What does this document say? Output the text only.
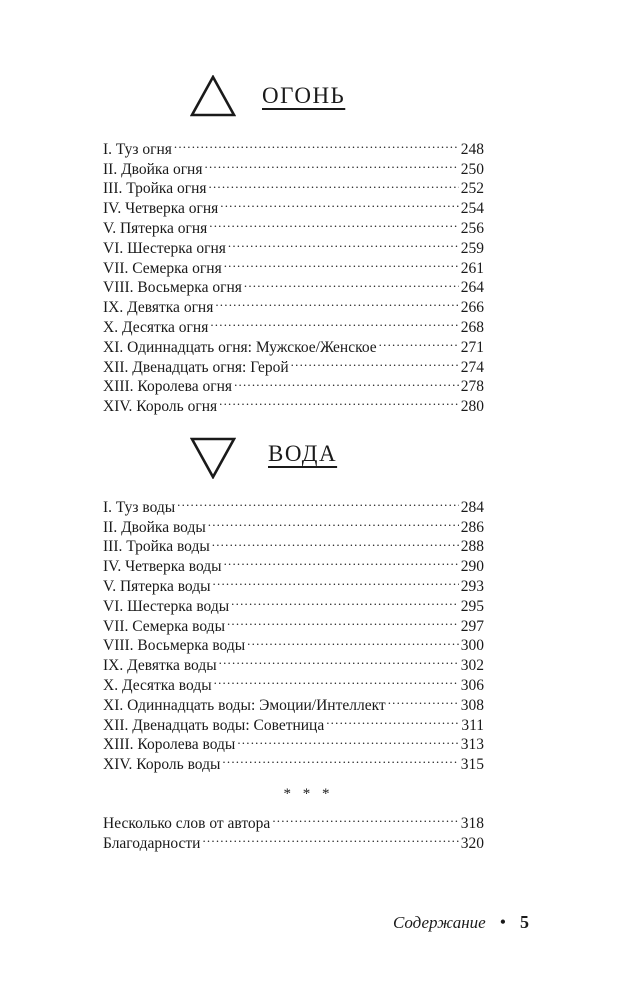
ОГОНЬ
I. Туз огня .....	248
II. Двойка огня .....	250
III. Тройка огня .....	252
IV. Четверка огня .....	254
V. Пятерка огня .....	256
VI. Шестерка огня .....	259
VII. Семерка огня .....	261
VIII. Восьмерка огня .....	264
IX. Девятка огня .....	266
X. Десятка огня .....	268
XI. Одиннадцать огня: Мужское/Женское .....	271
XII. Двенадцать огня: Герой .....	274
XIII. Королева огня .....	278
XIV. Король огня .....	280
ВОДА
I. Туз воды .....	284
II. Двойка воды .....	286
III. Тройка воды .....	288
IV. Четверка воды .....	290
V. Пятерка воды .....	293
VI. Шестерка воды .....	295
VII. Семерка воды .....	297
VIII. Восьмерка воды .....	300
IX. Девятка воды .....	302
X. Десятка воды .....	306
XI. Одиннадцать воды: Эмоции/Интеллект .....	308
XII. Двенадцать воды: Советница .....	311
XIII. Королева воды .....	313
XIV. Король воды .....	315
* * *
Несколько слов от автора .....	318
Благодарности .....	320
Содержание • 5
